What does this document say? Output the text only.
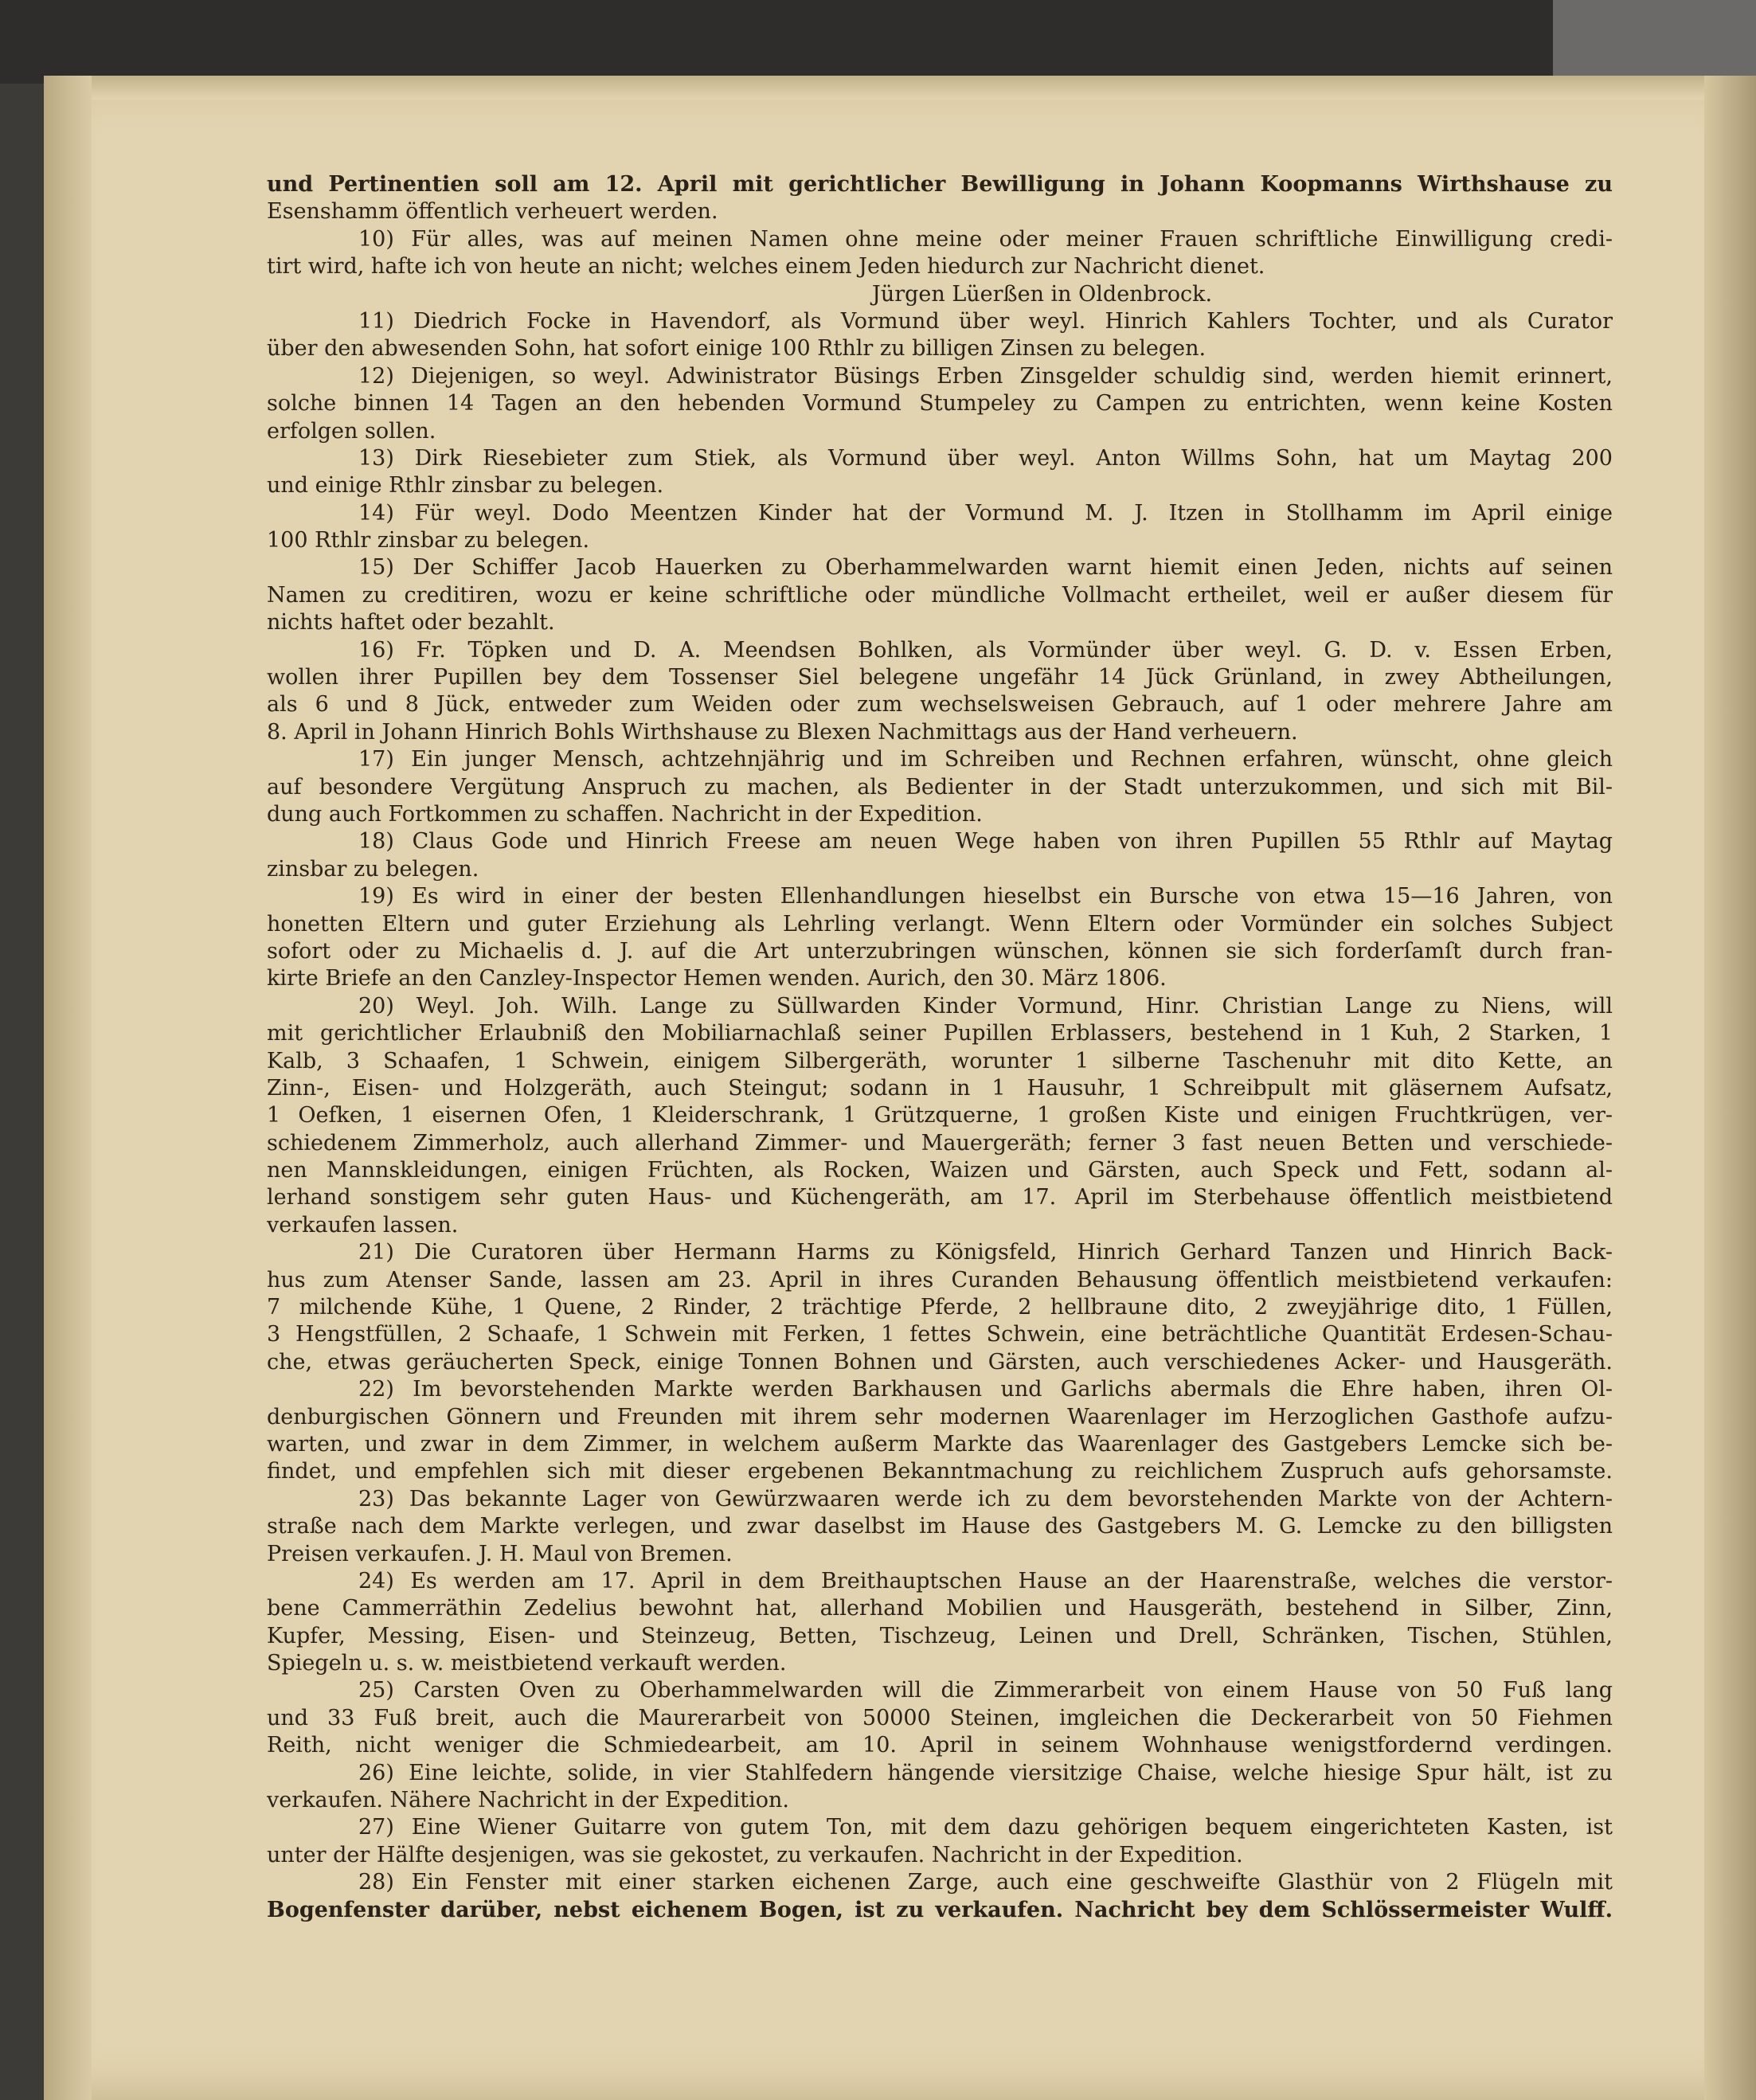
und Pertinentien soll am 12. April mit gerichtlicher Bewilligung in Johann Koopmanns Wirthshause zu
Esenshamm öffentlich verheuert werden.
10) Für alles, was auf meinen Namen ohne meine oder meiner Frauen schriftliche Einwilligung credi-
tirt wird, hafte ich von heute an nicht; welches einem Jeden hiedurch zur Nachricht dienet.
Jürgen Lüerßen in Oldenbrock.
11) Diedrich Focke in Havendorf, als Vormund über weyl. Hinrich Kahlers Tochter, und als Curator
über den abwesenden Sohn, hat sofort einige 100 Rthlr zu billigen Zinsen zu belegen.
12) Diejenigen, so weyl. Adwinistrator Büsings Erben Zinsgelder schuldig sind, werden hiemit erinnert,
solche binnen 14 Tagen an den hebenden Vormund Stumpeley zu Campen zu entrichten, wenn keine Kosten
erfolgen sollen.
13) Dirk Riesebieter zum Stiek, als Vormund über weyl. Anton Willms Sohn, hat um Maytag 200
und einige Rthlr zinsbar zu belegen.
14) Für weyl. Dodo Meentzen Kinder hat der Vormund M. J. Itzen in Stollhamm im April einige
100 Rthlr zinsbar zu belegen.
15) Der Schiffer Jacob Hauerken zu Oberhammelwarden warnt hiemit einen Jeden, nichts auf seinen
Namen zu creditiren, wozu er keine schriftliche oder mündliche Vollmacht ertheilet, weil er außer diesem für
nichts haftet oder bezahlt.
16) Fr. Töpken und D. A. Meendsen Bohlken, als Vormünder über weyl. G. D. v. Essen Erben,
wollen ihrer Pupillen bey dem Tossenser Siel belegene ungefähr 14 Jück Grünland, in zwey Abtheilungen,
als 6 und 8 Jück, entweder zum Weiden oder zum wechselsweisen Gebrauch, auf 1 oder mehrere Jahre am
8. April in Johann Hinrich Bohls Wirthshause zu Blexen Nachmittags aus der Hand verheuern.
17) Ein junger Mensch, achtzehnjährig und im Schreiben und Rechnen erfahren, wünscht, ohne gleich
auf besondere Vergütung Anspruch zu machen, als Bedienter in der Stadt unterzukommen, und sich mit Bil-
dung auch Fortkommen zu schaffen. Nachricht in der Expedition.
18) Claus Gode und Hinrich Freese am neuen Wege haben von ihren Pupillen 55 Rthlr auf Maytag
zinsbar zu belegen.
19) Es wird in einer der besten Ellenhandlungen hieselbst ein Bursche von etwa 15—16 Jahren, von
honetten Eltern und guter Erziehung als Lehrling verlangt. Wenn Eltern oder Vormünder ein solches Subject
sofort oder zu Michaelis d. J. auf die Art unterzubringen wünschen, können sie sich forderſamſt durch fran-
kirte Briefe an den Canzley-Inspector Hemen wenden. Aurich, den 30. März 1806.
20) Weyl. Joh. Wilh. Lange zu Süllwarden Kinder Vormund, Hinr. Christian Lange zu Niens, will
mit gerichtlicher Erlaubniß den Mobiliarnachlaß seiner Pupillen Erblassers, bestehend in 1 Kuh, 2 Starken, 1
Kalb, 3 Schaafen, 1 Schwein, einigem Silbergeräth, worunter 1 silberne Taschenuhr mit dito Kette, an
Zinn-, Eisen- und Holzgeräth, auch Steingut; sodann in 1 Hausuhr, 1 Schreibpult mit gläsernem Aufsatz,
1 Oefken, 1 eisernen Ofen, 1 Kleiderschrank, 1 Grützquerne, 1 großen Kiste und einigen Fruchtkrügen, ver-
schiedenem Zimmerholz, auch allerhand Zimmer- und Mauergeräth; ferner 3 fast neuen Betten und verschiede-
nen Mannskleidungen, einigen Früchten, als Rocken, Waizen und Gärsten, auch Speck und Fett, sodann al-
lerhand sonstigem sehr guten Haus- und Küchengeräth, am 17. April im Sterbehause öffentlich meistbietend
verkaufen lassen.
21) Die Curatoren über Hermann Harms zu Königsfeld, Hinrich Gerhard Tanzen und Hinrich Back-
hus zum Atenser Sande, lassen am 23. April in ihres Curanden Behausung öffentlich meistbietend verkaufen:
7 milchende Kühe, 1 Quene, 2 Rinder, 2 trächtige Pferde, 2 hellbraune dito, 2 zweyjährige dito, 1 Füllen,
3 Hengstfüllen, 2 Schaafe, 1 Schwein mit Ferken, 1 fettes Schwein, eine beträchtliche Quantität Erdesen-Schau-
che, etwas geräucherten Speck, einige Tonnen Bohnen und Gärsten, auch verschiedenes Acker- und Hausgeräth.
22) Im bevorstehenden Markte werden Barkhausen und Garlichs abermals die Ehre haben, ihren Ol-
denburgischen Gönnern und Freunden mit ihrem sehr modernen Waarenlager im Herzoglichen Gasthofe aufzu-
warten, und zwar in dem Zimmer, in welchem außerm Markte das Waarenlager des Gastgebers Lemcke sich be-
findet, und empfehlen sich mit dieser ergebenen Bekanntmachung zu reichlichem Zuspruch aufs gehorsamste.
23) Das bekannte Lager von Gewürzwaaren werde ich zu dem bevorstehenden Markte von der Achtern-
straße nach dem Markte verlegen, und zwar daselbst im Hause des Gastgebers M. G. Lemcke zu den billigsten
Preisen verkaufen. J. H. Maul von Bremen.
24) Es werden am 17. April in dem Breithauptschen Hause an der Haarenstraße, welches die verstor-
bene Cammerräthin Zedelius bewohnt hat, allerhand Mobilien und Hausgeräth, bestehend in Silber, Zinn,
Kupfer, Messing, Eisen- und Steinzeug, Betten, Tischzeug, Leinen und Drell, Schränken, Tischen, Stühlen,
Spiegeln u. s. w. meistbietend verkauft werden.
25) Carsten Oven zu Oberhammelwarden will die Zimmerarbeit von einem Hause von 50 Fuß lang
und 33 Fuß breit, auch die Maurerarbeit von 50000 Steinen, imgleichen die Deckerarbeit von 50 Fiehmen
Reith, nicht weniger die Schmiedearbeit, am 10. April in seinem Wohnhause wenigstfordernd verdingen.
26) Eine leichte, solide, in vier Stahlfedern hängende viersitzige Chaise, welche hiesige Spur hält, ist zu
verkaufen. Nähere Nachricht in der Expedition.
27) Eine Wiener Guitarre von gutem Ton, mit dem dazu gehörigen bequem eingerichteten Kasten, ist
unter der Hälfte desjenigen, was sie gekostet, zu verkaufen. Nachricht in der Expedition.
28) Ein Fenster mit einer starken eichenen Zarge, auch eine geschweifte Glasthür von 2 Flügeln mit
Bogenfenster darüber, nebst eichenem Bogen, ist zu verkaufen. Nachricht bey dem Schlössermeister Wulff.
